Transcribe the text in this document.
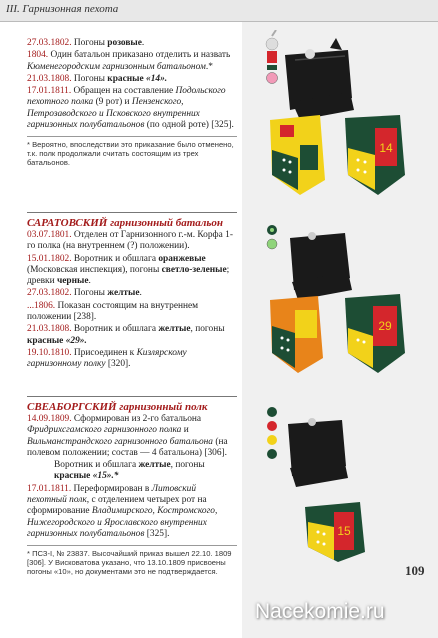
III. Гарнизонная пехота
27.03.1802. Погоны розовые.
1804. Один батальон приказано отделить и назвать Кюменегородским гарнизонным батальоном.*
21.03.1808. Погоны красные «14».
17.01.1811. Обращен на составление Подольского пехотного полка (9 рот) и Пензенского, Петрозаводского и Псковского внутренних гарнизонных полубатальонов (по одной роте) [325].
* Вероятно, впоследствии это приказание было отменено, т.к. полк продолжали считать состоящим из трех батальонов.
САРАТОВСКИЙ гарнизонный батальон
03.07.1801. Отделен от Гарнизонного г.-м. Корфа 1-го полка (на внутреннем (?) положении).
15.01.1802. Воротник и обшлага оранжевые (Московская инспекция), погоны светло-зеленые; древки черные.
27.03.1802. Погоны желтые.
...1806. Показан состоящим на внутреннем положении [238].
21.03.1808. Воротник и обшлага желтые, погоны красные «29».
19.10.1810. Присоединен к Кизлярскому гарнизонному полку [320].
СВЕАБОРГСКИЙ гарнизонный полк
14.09.1809. Сформирован из 2-го батальона Фридрихсгамского гарнизонного полка и Вильманстрандского гарнизонного батальона (на полевом положении; состав — 4 батальона) [306].
Воротник и обшлага желтые, погоны красные «15».*
17.01.1811. Переформирован в Литовский пехотный полк, с отделением четырех рот на сформирование Владимирского, Костромского, Нижегородского и Ярославского внутренних гарнизонных полубатальонов [325].
* ПСЗ-I, № 23837. Высочайший приказ вышел 22.10. 1809 [306]. У Висковатова указано, что 13.10.1809 присвоены погоны «10», но документами это не подтверждается.
14
29
15
109
Nacekomie.ru
